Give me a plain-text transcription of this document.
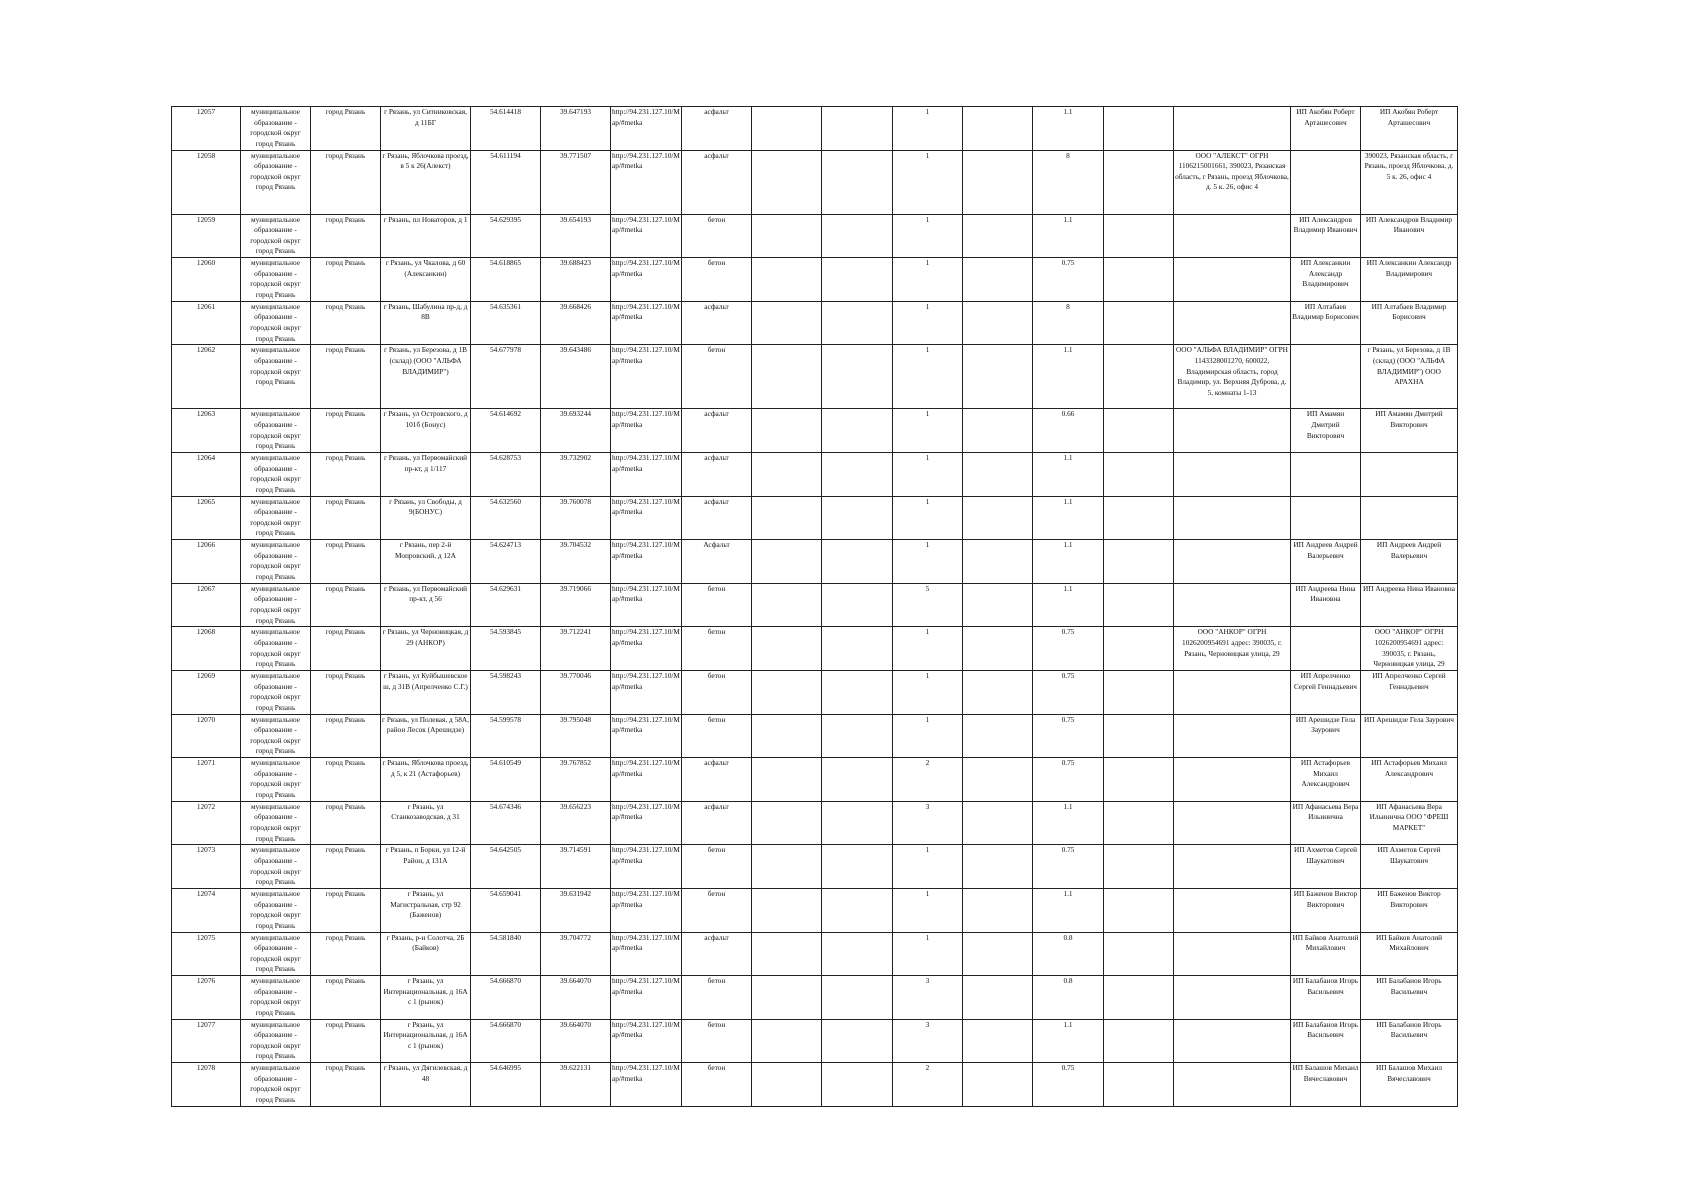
12057	муниципальное образование - городской округ город Рязань	город Рязань	г Рязань, ул Ситниковская, д 11БГ	54.614418	39.647193	http://94.231.127.10/Map/#metka	асфальт			1		1.1			ИП Акобян Роберт Арташесович	ИП Акобян Роберт Арташесович
12058	муниципальное образование - городской округ город Рязань	город Рязань	г Рязань, Яблочкова проезд, в 5 к 26(Алекст)	54.611194	39.771507	http://94.231.127.10/Map/#metka	асфальт			1		8		ООО "АЛЕКСТ" ОГРН 1106215001661, 390023, Рязанская область, г Рязань, проезд Яблочкова, д. 5 к. 26, офис 4		390023, Рязанская область, г Рязань, проезд Яблочкова, д. 5 к. 26, офис 4
12059	муниципальное образование - городской округ город Рязань	город Рязань	г Рязань, пл Новаторов, д 1	54.629395	39.654193	http://94.231.127.10/Map/#metka	бетон			1		1.1			ИП Александров Владимир Иванович	ИП Александров Владимир Иванович
12060	муниципальное образование - городской округ город Рязань	город Рязань	г Рязань, ул Чкалова, д 60 (Алексанкин)	54.618865	39.688423	http://94.231.127.10/Map/#metka	бетон			1		0.75			ИП Алексанкин Александр Владимирович	ИП Алексанкин Александр Владимирович
12061	муниципальное образование - городской округ город Рязань	город Рязань	г Рязань, Шабулина пр-д, д 8В	54.635361	39.668426	http://94.231.127.10/Map/#metka	асфальт			1		8			ИП Алтабаев Владимир Борисович	ИП Алтабаев Владимир Борисович
12062	муниципальное образование - городской округ город Рязань	город Рязань	г Рязань, ул Березова, д 1В (склад) (ООО "АЛЬФА ВЛАДИМИР")	54.677978	39.643486	http://94.231.127.10/Map/#metka	бетон			1		1.1		ООО "АЛЬФА ВЛАДИМИР" ОГРН 1143328001270, 600022, Владимирская область, город Владимир, ул. Верхняя Дуброва, д. 5, комнаты 1-13		г Рязань, ул Березова, д 1В (склад) (ООО "АЛЬФА ВЛАДИМИР") ООО АРАХНА
12063	муниципальное образование - городской округ город Рязань	город Рязань	г Рязань, ул Островского, д 101б (Бонус)	54.614692	39.693244	http://94.231.127.10/Map/#metka	асфальт			1		0.66			ИП Амамян Дмитрий Викторович	ИП Амамян Дмитрий Викторович
12064	муниципальное образование - городской округ город Рязань	город Рязань	г Рязань, ул Первомайский пр-кт, д 1/117	54.628753	39.732902	http://94.231.127.10/Map/#metka	асфальт			1		1.1				
12065	муниципальное образование - городской округ город Рязань	город Рязань	г Рязань, ул Свободы, д 9(БОНУС)	54.632560	39.760078	http://94.231.127.10/Map/#metka	асфальт			1		1.1				
12066	муниципальное образование - городской округ город Рязань	город Рязань	г Рязань, пер 2-й Мопровский, д 12А	54.624713	39.704532	http://94.231.127.10/Map/#metka	Асфальт			1		1.1			ИП Андреев Андрей Валерьевич	ИП Андреев Андрей Валерьевич
12067	муниципальное образование - городской округ город Рязань	город Рязань	г Рязань, ул Первомайский пр-кт, д 56	54.629631	39.719066	http://94.231.127.10/Map/#metka	бетон			5		1.1			ИП Андреева Нина Ивановна	ИП Андреева Нина Ивановна
12068	муниципальное образование - городской округ город Рязань	город Рязань	г Рязань, ул Черновицкая, д 29 (АНКОР)	54.593845	39.712241	http://94.231.127.10/Map/#metka	бетон			1		0.75		ООО "АНКОР" ОГРН 1026200954691 адрес: 390035, г. Рязань, Черновицкая улица, 29		ООО "АНКОР" ОГРН 1026200954691 адрес: 390035, г. Рязань, Черновицкая улица, 29
12069	муниципальное образование - городской округ город Рязань	город Рязань	г Рязань, ул Куйбышевское ш, д 31В (Апрелченко С.Г.)	54.598243	39.770046	http://94.231.127.10/Map/#metka	бетон			1		0.75			ИП Апрелченко Сергей Геннадьевич	ИП Апрелченко Сергей Геннадьевич
12070	муниципальное образование - городской округ город Рязань	город Рязань	г Рязань, ул Полевая, д 58А, район Лесок (Арешидзе)	54.599578	39.795048	http://94.231.127.10/Map/#metka	бетон			1		0.75			ИП Арешидзе Гела Заурович	ИП Арешидзе Гела Заурович
12071	муниципальное образование - городской округ город Рязань	город Рязань	г Рязань, Яблочкова проезд, д 5, к 21 (Астафорьев)	54.610549	39.767852	http://94.231.127.10/Map/#metka	асфальт			2		0.75			ИП Астафорьев Михаил Александрович	ИП Астафорьев Михаил Александрович
12072	муниципальное образование - городской округ город Рязань	город Рязань	г Рязань, ул Станкозаводская, д 31	54.674346	39.656223	http://94.231.127.10/Map/#metka	асфальт			3		1.1			ИП Афанасьева Вера Ильинична	ИП Афанасьева Вера Ильинична ООО "ФРЕШ МАРКЕТ"
12073	муниципальное образование - городской округ город Рязань	город Рязань	г Рязань, п Борки, ул 12-й Район, д 131А	54.642505	39.714591	http://94.231.127.10/Map/#metka	бетон			1		0.75			ИП Ахметов Сергей Шаукатович	ИП Ахметов Сергей Шаукатович
12074	муниципальное образование - городской округ город Рязань	город Рязань	г Рязань, ул Магистральная, стр 92 (Баженов)	54.659041	39.631942	http://94.231.127.10/Map/#metka	бетон			1		1.1			ИП Баженов Виктор Викторович	ИП Баженов Виктор Викторович
12075	муниципальное образование - городской округ город Рязань	город Рязань	г Рязань, р-н Солотча, 2Б (Байков)	54.581840	39.704772	http://94.231.127.10/Map/#metka	асфальт			1		0.8			ИП Байков Анатолий Михайлович	ИП Байков Анатолий Михайлович
12076	муниципальное образование - городской округ город Рязань	город Рязань	г Рязань, ул Интернациональная, д 16А с 1 (рынок)	54.666870	39.664070	http://94.231.127.10/Map/#metka	бетон			3		0.8			ИП Балабанов Игорь Васильевич	ИП Балабанов Игорь Васильевич
12077	муниципальное образование - городской округ город Рязань	город Рязань	г Рязань, ул Интернациональная, д 16А с 1 (рынок)	54.666870	39.664070	http://94.231.127.10/Map/#metka	бетон			3		1.1			ИП Балабанов Игорь Васильевич	ИП Балабанов Игорь Васильевич
12078	муниципальное образование - городской округ город Рязань	город Рязань	г Рязань, ул Дягилевская, д 48	54.646995	39.622131	http://94.231.127.10/Map/#metka	бетон			2		0.75			ИП Балашов Михаил Вячеславович	ИП Балашов Михаил Вячеславович
